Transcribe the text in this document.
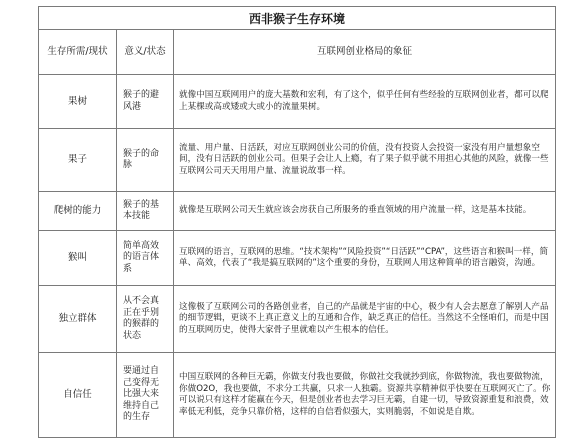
西非猴子生存环境		
生存所需/现状	意义/状态	互联网创业格局的象征
果树	猴子的避风港	就像中国互联网用户的庞大基数和宏利，有了这个，似乎任何有些经验的互联网创业者，都可以爬上某棵或高或矮或大或小的流量果树。
果子	猴子的命脉	流量、用户量、日活跃，对应互联网创业公司的价值，没有投资人会投资一家没有用户量想象空间，没有日活跃的创业公司。但果子会让人上瘾，有了果子似乎就不用担心其他的风险，就像一些互联网公司天天用用户量、流量说故事一样。
爬树的能力	猴子的基本技能	就像是互联网公司天生就应该会房获自己所服务的垂直领域的用户流量一样，这是基本技能。
猴叫	简单高效的语言体系	互联网的语言，互联网的思维。“技术架构”“风险投资”“日活跃”“CPA”，这些语言和猴叫一样，简单、高效，代表了“我是搞互联网的”这个重要的身份，互联网人用这种简单的语言融资，沟通。
独立群体	从不会真正在乎别的猴群的状态	这像极了互联网公司的各路创业者，自己的产品就是宇宙的中心，极少有人会去愿意了解别人产品的细节逻辑，更谈不上真正意义上的互通和合作，缺乏真正的信任。当然这不全怪咱们，而是中国的互联网历史，使得大家骨子里就难以产生根本的信任。
自信任	要通过自己变得无比强大来维持自己的生存	中国互联网的各种巨无霸，你做支付我也要做，你做社交我就抄到底，你做物流，我也要做物流，你做O2O，我也要做，不求分工共赢，只求一人独霸。资源共享精神似乎快要在互联网灭亡了。你可以说只有这样才能赢在今天，但是创业者也去学习巨无霸，自建一切，导致资源重复和浪费，效率低无利低，竞争只靠价格，这样的自信看似强大，实则脆弱，不如说是自欺。
